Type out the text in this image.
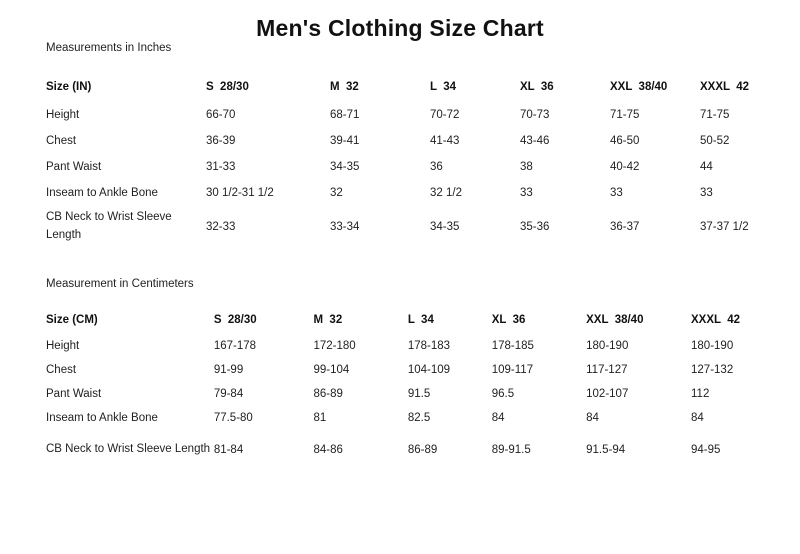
Men's Clothing Size Chart
Measurements in Inches
Size (IN)	S  28/30	M  32	L  34	XL  36	XXL  38/40	XXXL  42
Height	66-70	68-71	70-72	70-73	71-75	71-75
Chest	36-39	39-41	41-43	43-46	46-50	50-52
Pant Waist	31-33	34-35	36	38	40-42	44
Inseam to Ankle Bone	30 1/2-31 1/2	32	32 1/2	33	33	33
CB Neck to Wrist Sleeve Length	32-33	33-34	34-35	35-36	36-37	37-37 1/2
Measurement in Centimeters
Size (CM)	S  28/30	M  32	L  34	XL  36	XXL  38/40	XXXL  42
Height	167-178	172-180	178-183	178-185	180-190	180-190
Chest	91-99	99-104	104-109	109-117	117-127	127-132
Pant Waist	79-84	86-89	91.5	96.5	102-107	112
Inseam to Ankle Bone	77.5-80	81	82.5	84	84	84
CB Neck to Wrist Sleeve Length	81-84	84-86	86-89	89-91.5	91.5-94	94-95
